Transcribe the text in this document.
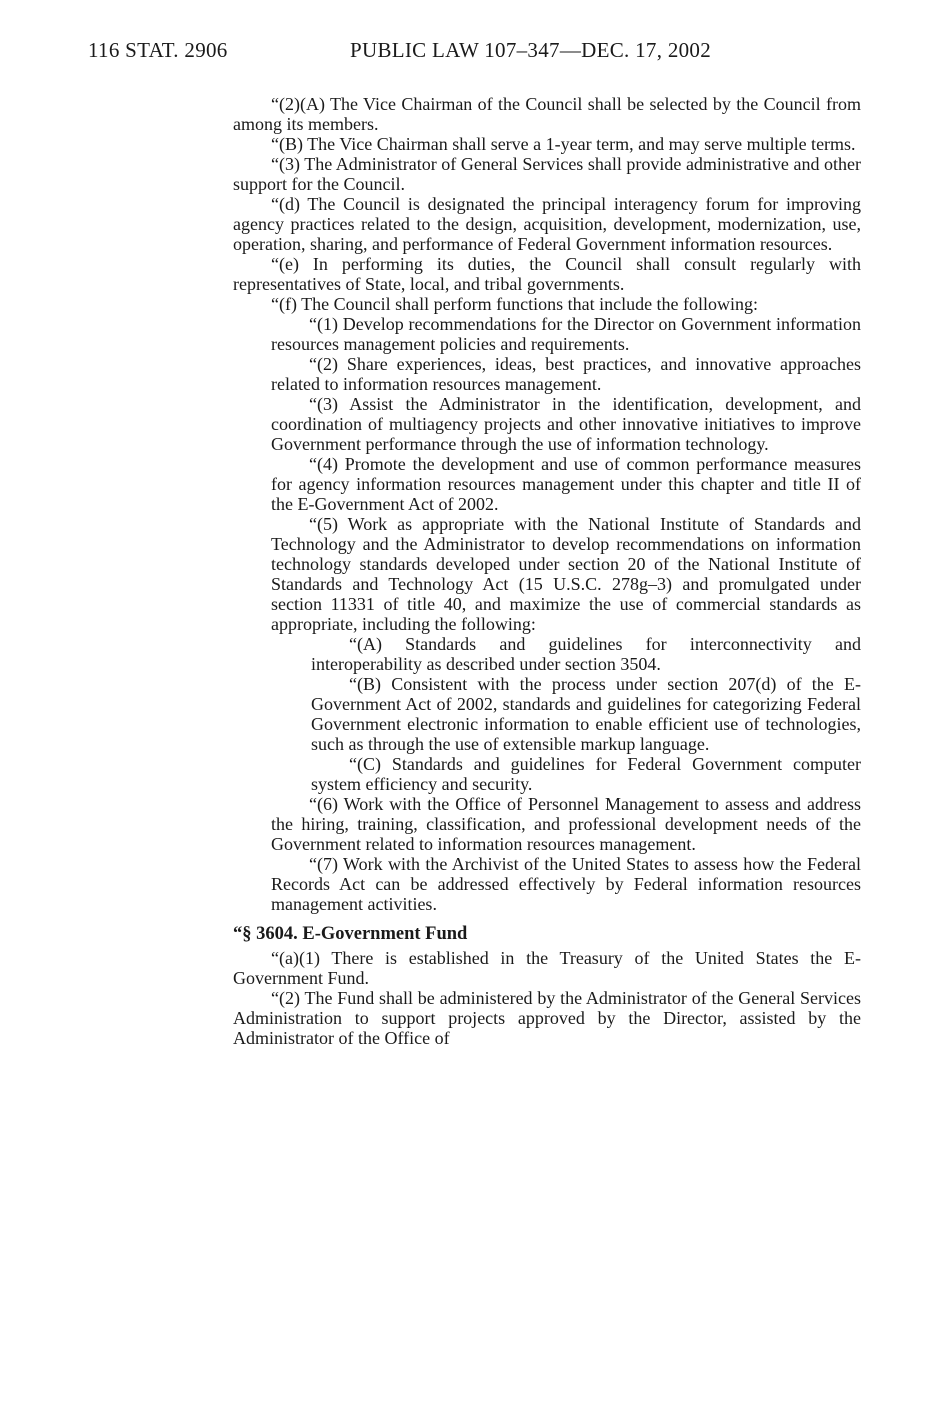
116 STAT. 2906	PUBLIC LAW 107–347—DEC. 17, 2002

“(2)(A) The Vice Chairman of the Council shall be selected by the Council from among its members.

“(B) The Vice Chairman shall serve a 1-year term, and may serve multiple terms.

“(3) The Administrator of General Services shall provide administrative and other support for the Council.

“(d) The Council is designated the principal interagency forum for improving agency practices related to the design, acquisition, development, modernization, use, operation, sharing, and performance of Federal Government information resources.

“(e) In performing its duties, the Council shall consult regularly with representatives of State, local, and tribal governments.

“(f) The Council shall perform functions that include the following:

“(1) Develop recommendations for the Director on Government information resources management policies and requirements.

“(2) Share experiences, ideas, best practices, and innovative approaches related to information resources management.

“(3) Assist the Administrator in the identification, development, and coordination of multiagency projects and other innovative initiatives to improve Government performance through the use of information technology.

“(4) Promote the development and use of common performance measures for agency information resources management under this chapter and title II of the E-Government Act of 2002.

“(5) Work as appropriate with the National Institute of Standards and Technology and the Administrator to develop recommendations on information technology standards developed under section 20 of the National Institute of Standards and Technology Act (15 U.S.C. 278g–3) and promulgated under section 11331 of title 40, and maximize the use of commercial standards as appropriate, including the following:

“(A) Standards and guidelines for interconnectivity and interoperability as described under section 3504.

“(B) Consistent with the process under section 207(d) of the E-Government Act of 2002, standards and guidelines for categorizing Federal Government electronic information to enable efficient use of technologies, such as through the use of extensible markup language.

“(C) Standards and guidelines for Federal Government computer system efficiency and security.

“(6) Work with the Office of Personnel Management to assess and address the hiring, training, classification, and professional development needs of the Government related to information resources management.

“(7) Work with the Archivist of the United States to assess how the Federal Records Act can be addressed effectively by Federal information resources management activities.

“§ 3604. E-Government Fund

“(a)(1) There is established in the Treasury of the United States the E-Government Fund.

“(2) The Fund shall be administered by the Administrator of the General Services Administration to support projects approved by the Director, assisted by the Administrator of the Office of
